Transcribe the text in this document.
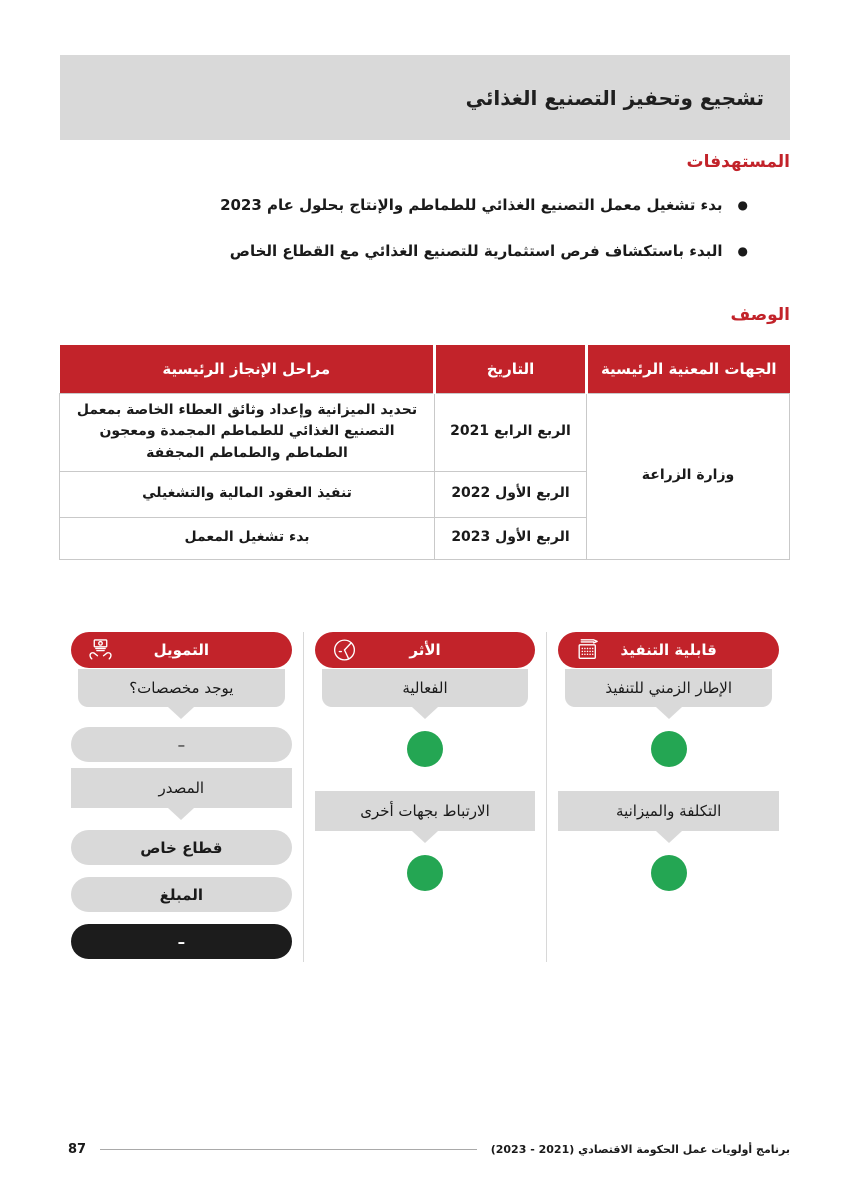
تشجيع وتحفيز التصنيع الغذائي
المستهدفات
●
بدء تشغيل معمل التصنيع الغذائي للطماطم والإنتاج بحلول عام 2023
●
البدء باستكشاف فرص استثمارية للتصنيع الغذائي مع القطاع الخاص
الوصف
الجهات المعنية الرئيسية	التاريخ	مراحل الإنجاز الرئيسية
وزارة الزراعة	الربع الرابع 2021	تحديد الميزانية وإعداد وثائق العطاء الخاصة بمعمل التصنيع الغذائي للطماطم المجمدة ومعجون الطماطم والطماطم المجففة
	الربع الأول 2022	تنفيذ العقود المالية والتشغيلي
	الربع الأول 2023	بدء تشغيل المعمل
قابلية التنفيذ
الإطار الزمني للتنفيذ
التكلفة والميزانية
الأثر
الفعالية
الارتباط بجهات أخرى
التمويل
يوجد مخصصات؟
–
المصدر
قطاع خاص
المبلغ
–
87	برنامج أولويات عمل الحكومة الاقتصادي (2021 - 2023)
